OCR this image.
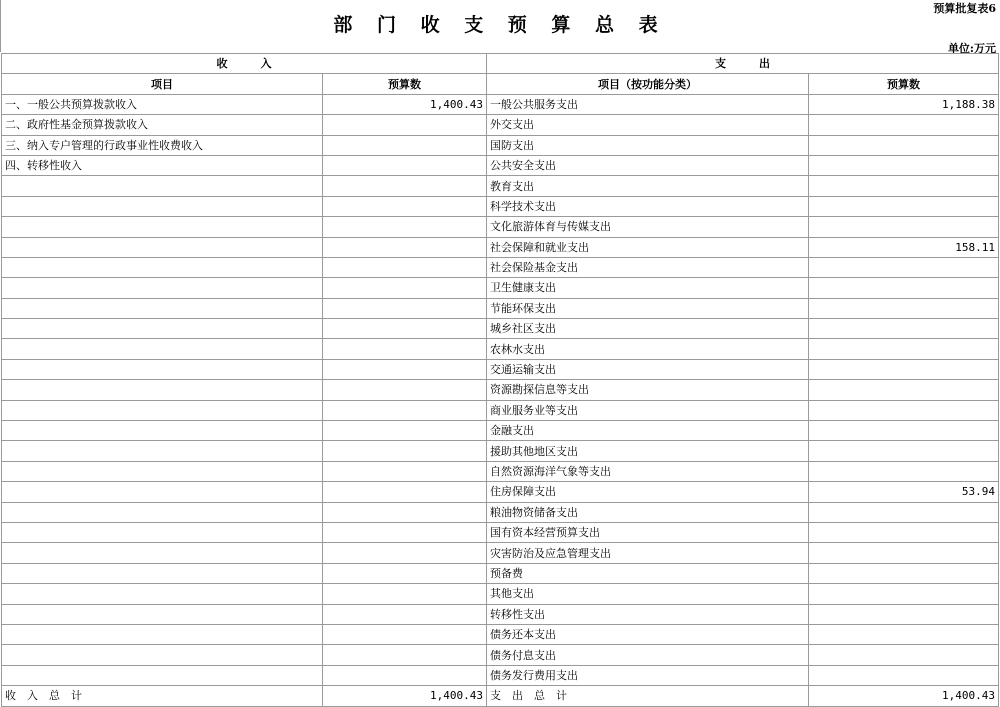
预算批复表6
部 门 收 支 预 算 总 表
单位:万元
收　　　入		支　　　出	
项目	预算数	项目（按功能分类）	预算数
一、一般公共预算拨款收入	1,400.43	一般公共服务支出	1,188.38
二、政府性基金预算拨款收入		外交支出	
三、纳入专户管理的行政事业性收费收入		国防支出	
四、转移性收入		公共安全支出	
		教育支出	
		科学技术支出	
		文化旅游体育与传媒支出	
		社会保障和就业支出	158.11
		社会保险基金支出	
		卫生健康支出	
		节能环保支出	
		城乡社区支出	
		农林水支出	
		交通运输支出	
		资源勘探信息等支出	
		商业服务业等支出	
		金融支出	
		援助其他地区支出	
		自然资源海洋气象等支出	
		住房保障支出	53.94
		粮油物资储备支出	
		国有资本经营预算支出	
		灾害防治及应急管理支出	
		预备费	
		其他支出	
		转移性支出	
		债务还本支出	
		债务付息支出	
		债务发行费用支出	
收　入　总　计	1,400.43	支　出　总　计	1,400.43
